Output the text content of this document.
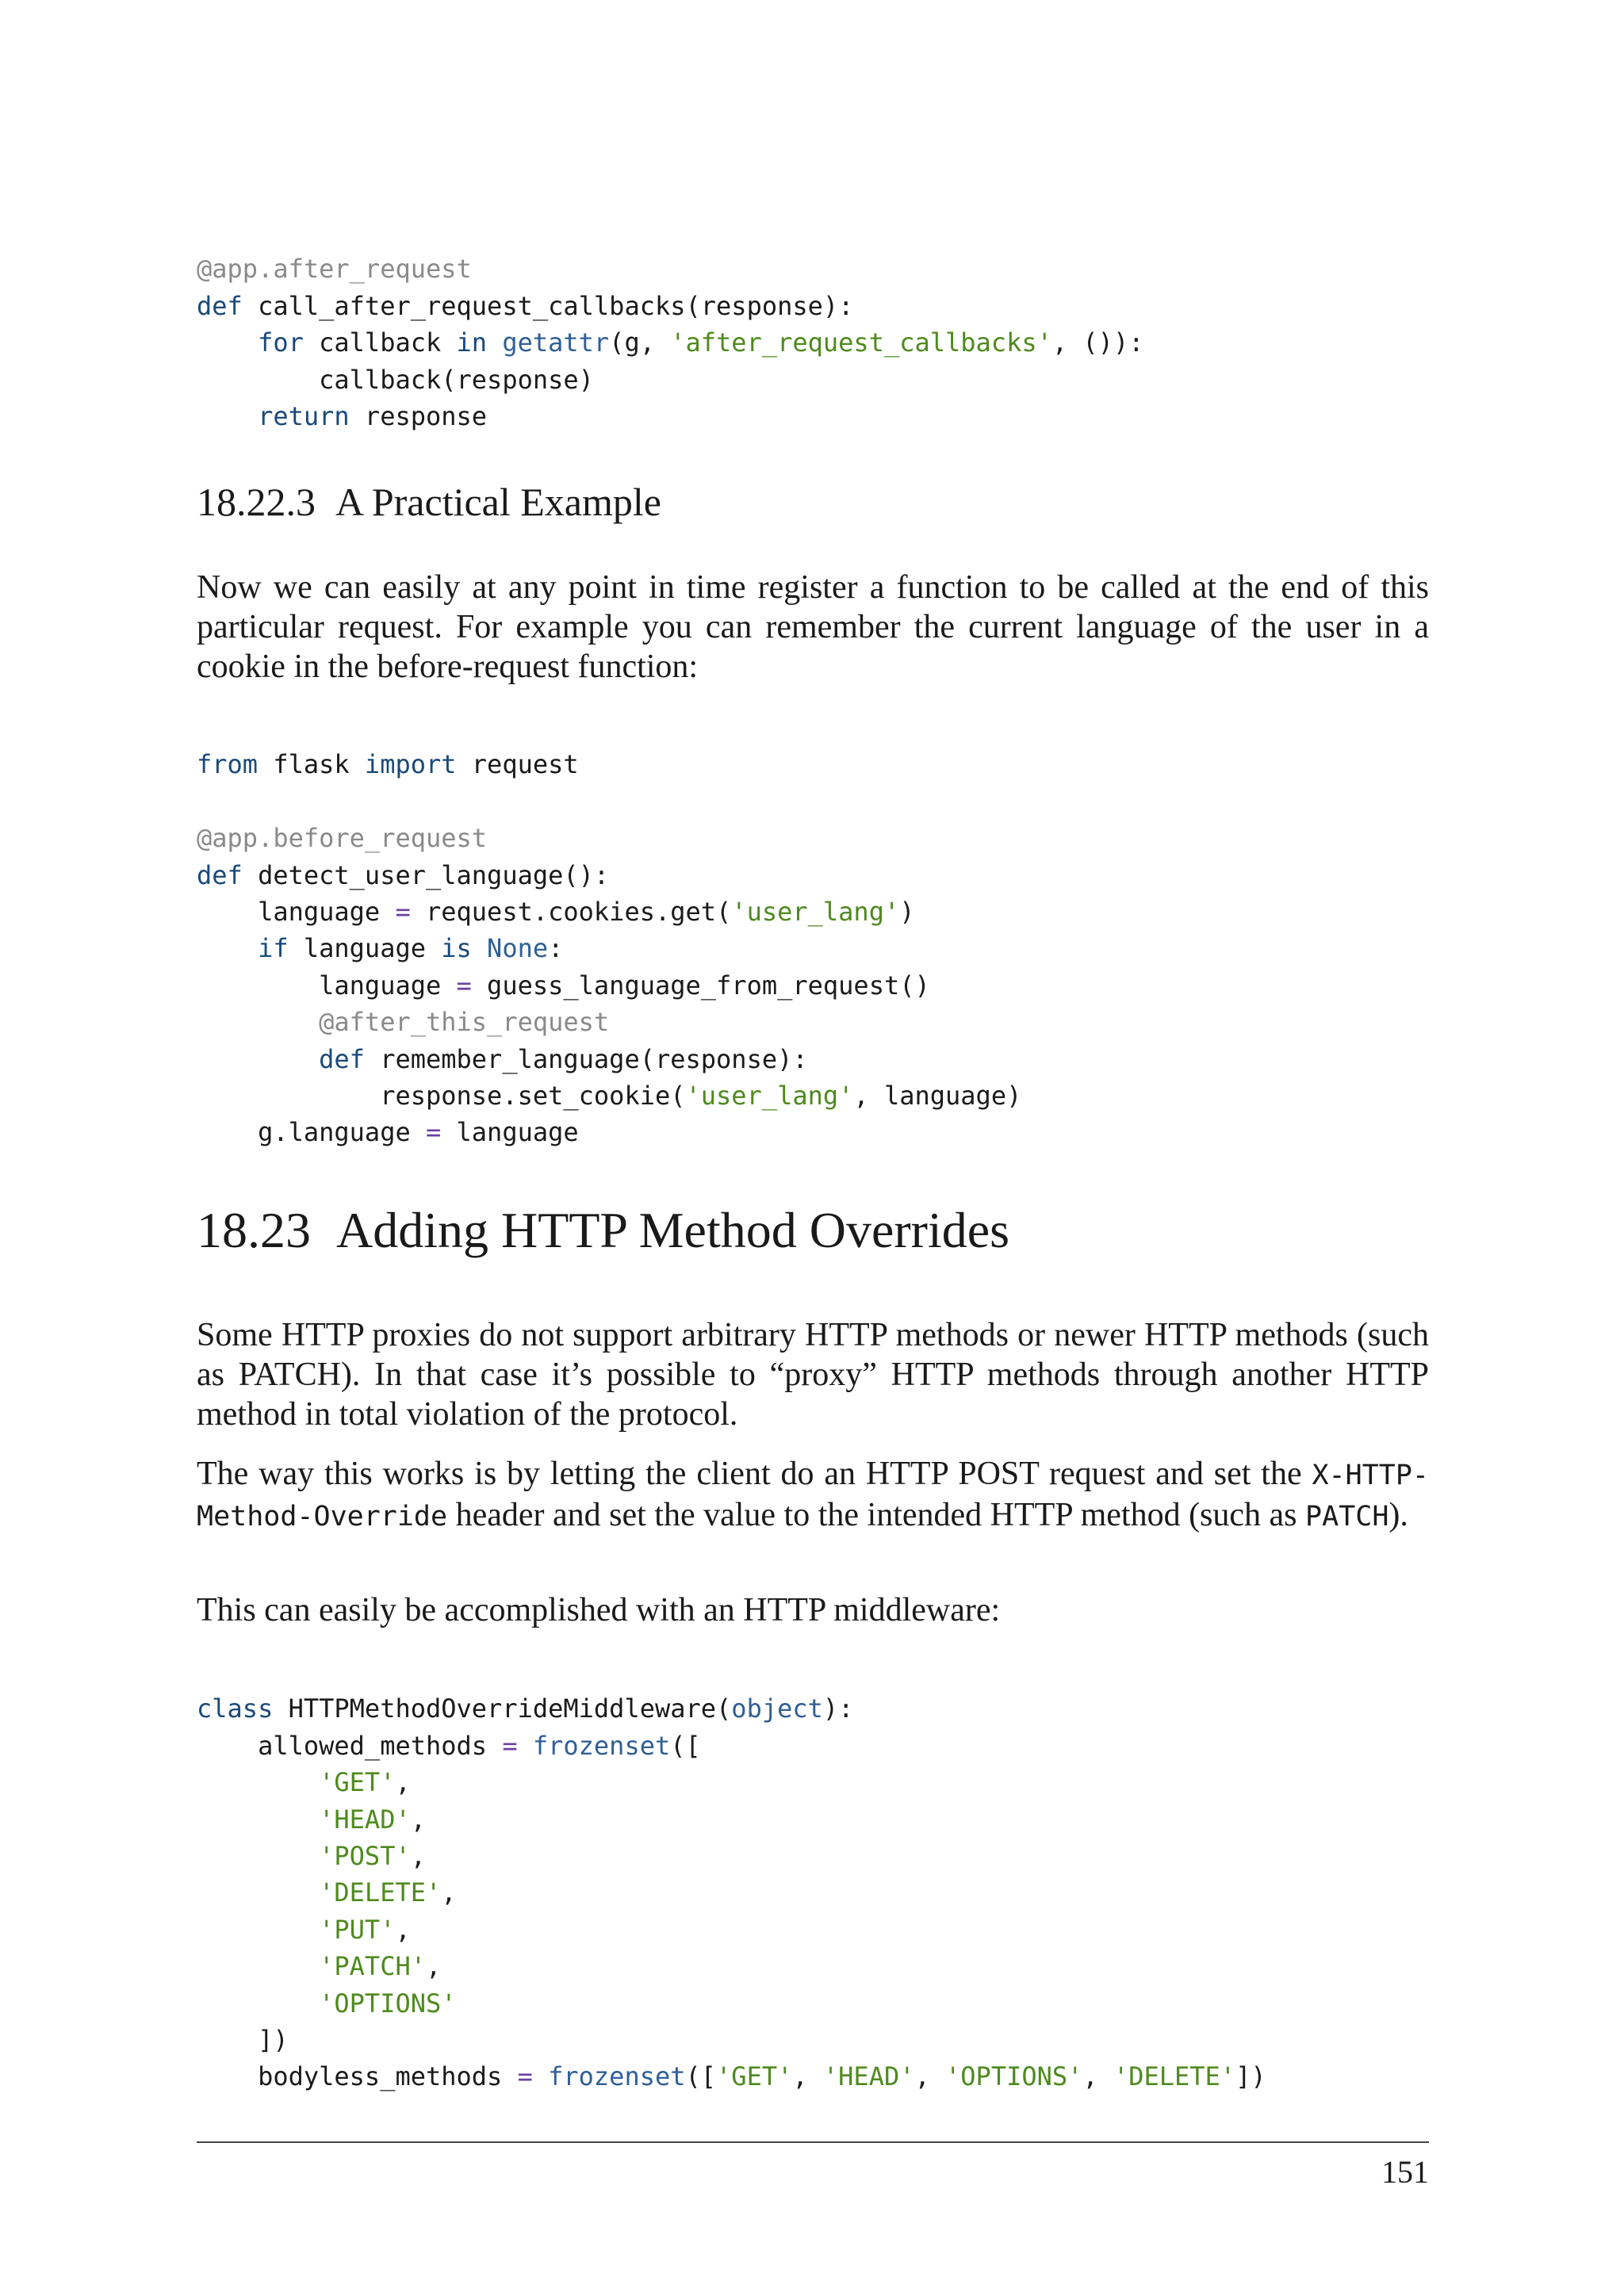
@app.after_request
def call_after_request_callbacks(response):
for callback in getattr(g, 'after_request_callbacks', ()):
callback(response)
return response

18.22.3 A Practical Example

Now we can easily at any point in time register a function to be called at the end of this particular request. For example you can remember the current language of the user in a cookie in the before-request function:

from flask import request

@app.before_request
def detect_user_language():
language = request.cookies.get('user_lang')
if language is None:
language = guess_language_from_request()
@after_this_request
def remember_language(response):
response.set_cookie('user_lang', language)
g.language = language

18.23 Adding HTTP Method Overrides

Some HTTP proxies do not support arbitrary HTTP methods or newer HTTP methods (such as PATCH). In that case it’s possible to “proxy” HTTP methods through another HTTP method in total violation of the protocol.

The way this works is by letting the client do an HTTP POST request and set the X-HTTP-Method-Override header and set the value to the intended HTTP method (such as PATCH).

This can easily be accomplished with an HTTP middleware:

class HTTPMethodOverrideMiddleware(object):
allowed_methods = frozenset([
'GET',
'HEAD',
'POST',
'DELETE',
'PUT',
'PATCH',
'OPTIONS'
])
bodyless_methods = frozenset(['GET', 'HEAD', 'OPTIONS', 'DELETE'])

151
